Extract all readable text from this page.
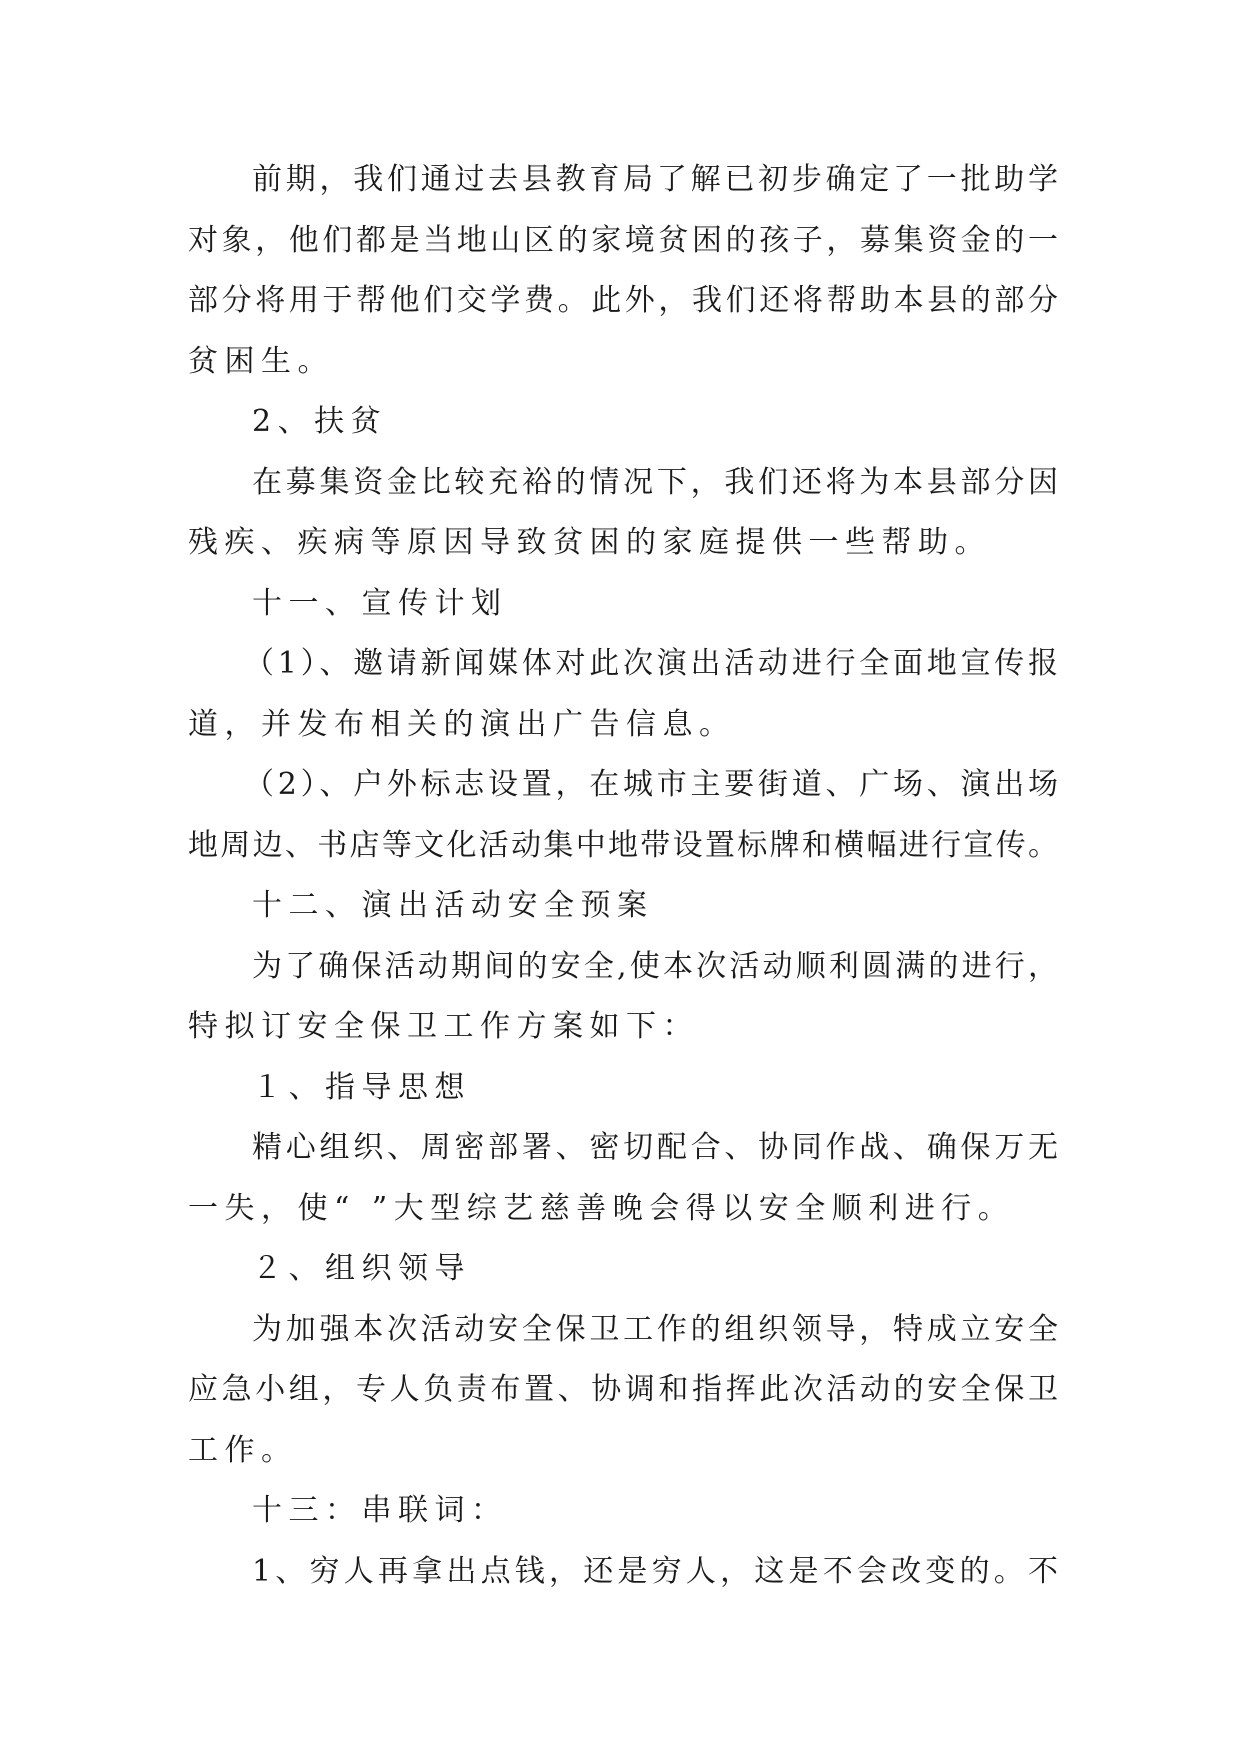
前期，我们通过去县教育局了解已初步确定了一批助学
对象，他们都是当地山区的家境贫困的孩子，募集资金的一
部分将用于帮他们交学费。此外，我们还将帮助本县的部分
贫困生。
2、扶贫
在募集资金比较充裕的情况下，我们还将为本县部分因
残疾、疾病等原因导致贫困的家庭提供一些帮助。
十一、宣传计划
（1）、邀请新闻媒体对此次演出活动进行全面地宣传报
道，并发布相关的演出广告信息。
（2）、户外标志设置，在城市主要街道、广场、演出场
地周边、书店等文化活动集中地带设置标牌和横幅进行宣传。
十二、演出活动安全预案
为了确保活动期间的安全,使本次活动顺利圆满的进行，
特拟订安全保卫工作方案如下：
１、指导思想
精心组织、周密部署、密切配合、协同作战、确保万无
一失，使“ ”大型综艺慈善晚会得以安全顺利进行。
２、组织领导
为加强本次活动安全保卫工作的组织领导，特成立安全
应急小组，专人负责布置、协调和指挥此次活动的安全保卫
工作。
十三：串联词：
1、穷人再拿出点钱，还是穷人，这是不会改变的。不
